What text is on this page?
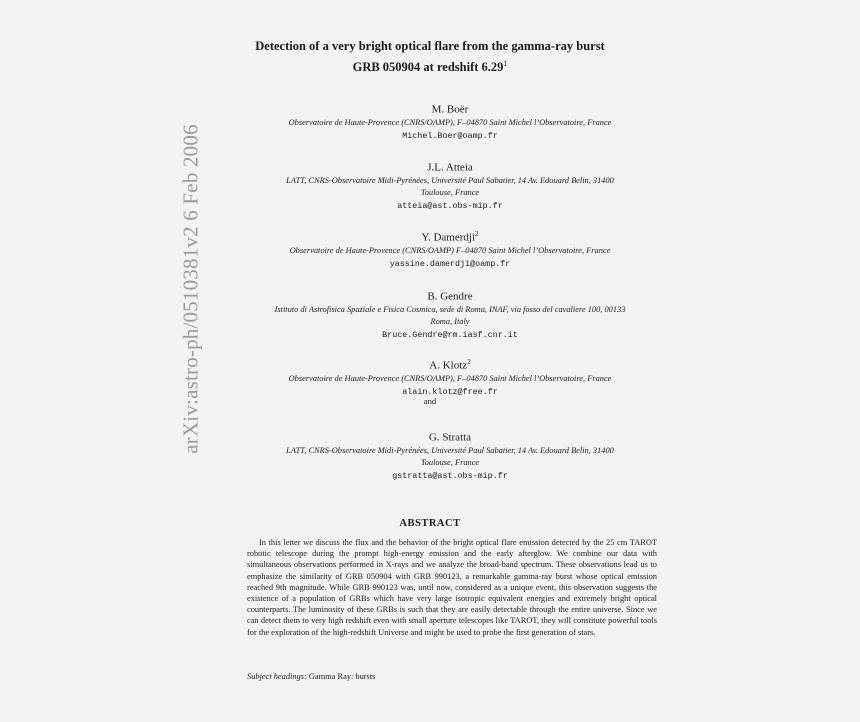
arXiv:astro-ph/0510381v2 6 Feb 2006
Detection of a very bright optical flare from the gamma-ray burst
GRB 050904 at redshift 6.29$^1$
M. Boër
Observatoire de Haute-Provence (CNRS/OAMP), F–04870 Saint Michel l’Observatoire, France
Michel.Boer@oamp.fr
J.L. Atteia
LATT, CNRS-Observatoire Midi-Pyrénées, Université Paul Sabatier, 14 Av. Edouard Belin, 31400
Toulouse, France
atteia@ast.obs-mip.fr
Y. Damerdji$^2$
Observatoire de Haute-Provence (CNRS/OAMP) F–04870 Saint Michel l’Observatoire, France
yassine.damerdji@oamp.fr
B. Gendre
Istituto di Astrofisica Spaziale e Fisica Cosmica, sede di Roma, INAF, via fosso del cavaliere 100, 00133
Roma, Italy
Bruce.Gendre@rm.iasf.cnr.it
A. Klotz$^2$
Observatoire de Haute-Provence (CNRS/OAMP), F–04870 Saint Michel l’Observatoire, France
alain.klotz@free.fr
and
G. Stratta
LATT, CNRS-Observatoire Midi-Pyrénées, Université Paul Sabatier, 14 Av. Edouard Belin, 31400
Toulouse, France
gstratta@ast.obs-mip.fr
ABSTRACT

In this letter we discuss the flux and the behavior of the bright optical flare emission detected by the 25 cm TAROT robotic telescope during the prompt high-energy emission and the early afterglow. We combine our data with simultaneous observations performed in X-rays and we analyze the broad-band spectrum. These observations lead us to emphasize the similarity of GRB 050904 with GRB 990123, a remarkable gamma-ray burst whose optical emission reached 9th magnitude. While GRB 990123 was, until now, considered as a unique event, this observation suggests the existence of a population of GRBs which have very large isotropic equivalent energies and extremely bright optical counterparts. The luminosity of these GRBs is such that they are easily detectable through the entire universe. Since we can detect them to very high redshift even with small aperture telescopes like TAROT, they will constitute powerful tools for the exploration of the high-redshift Universe and might be used to probe the first generation of stars.

Subject headings: Gamma Ray: bursts
